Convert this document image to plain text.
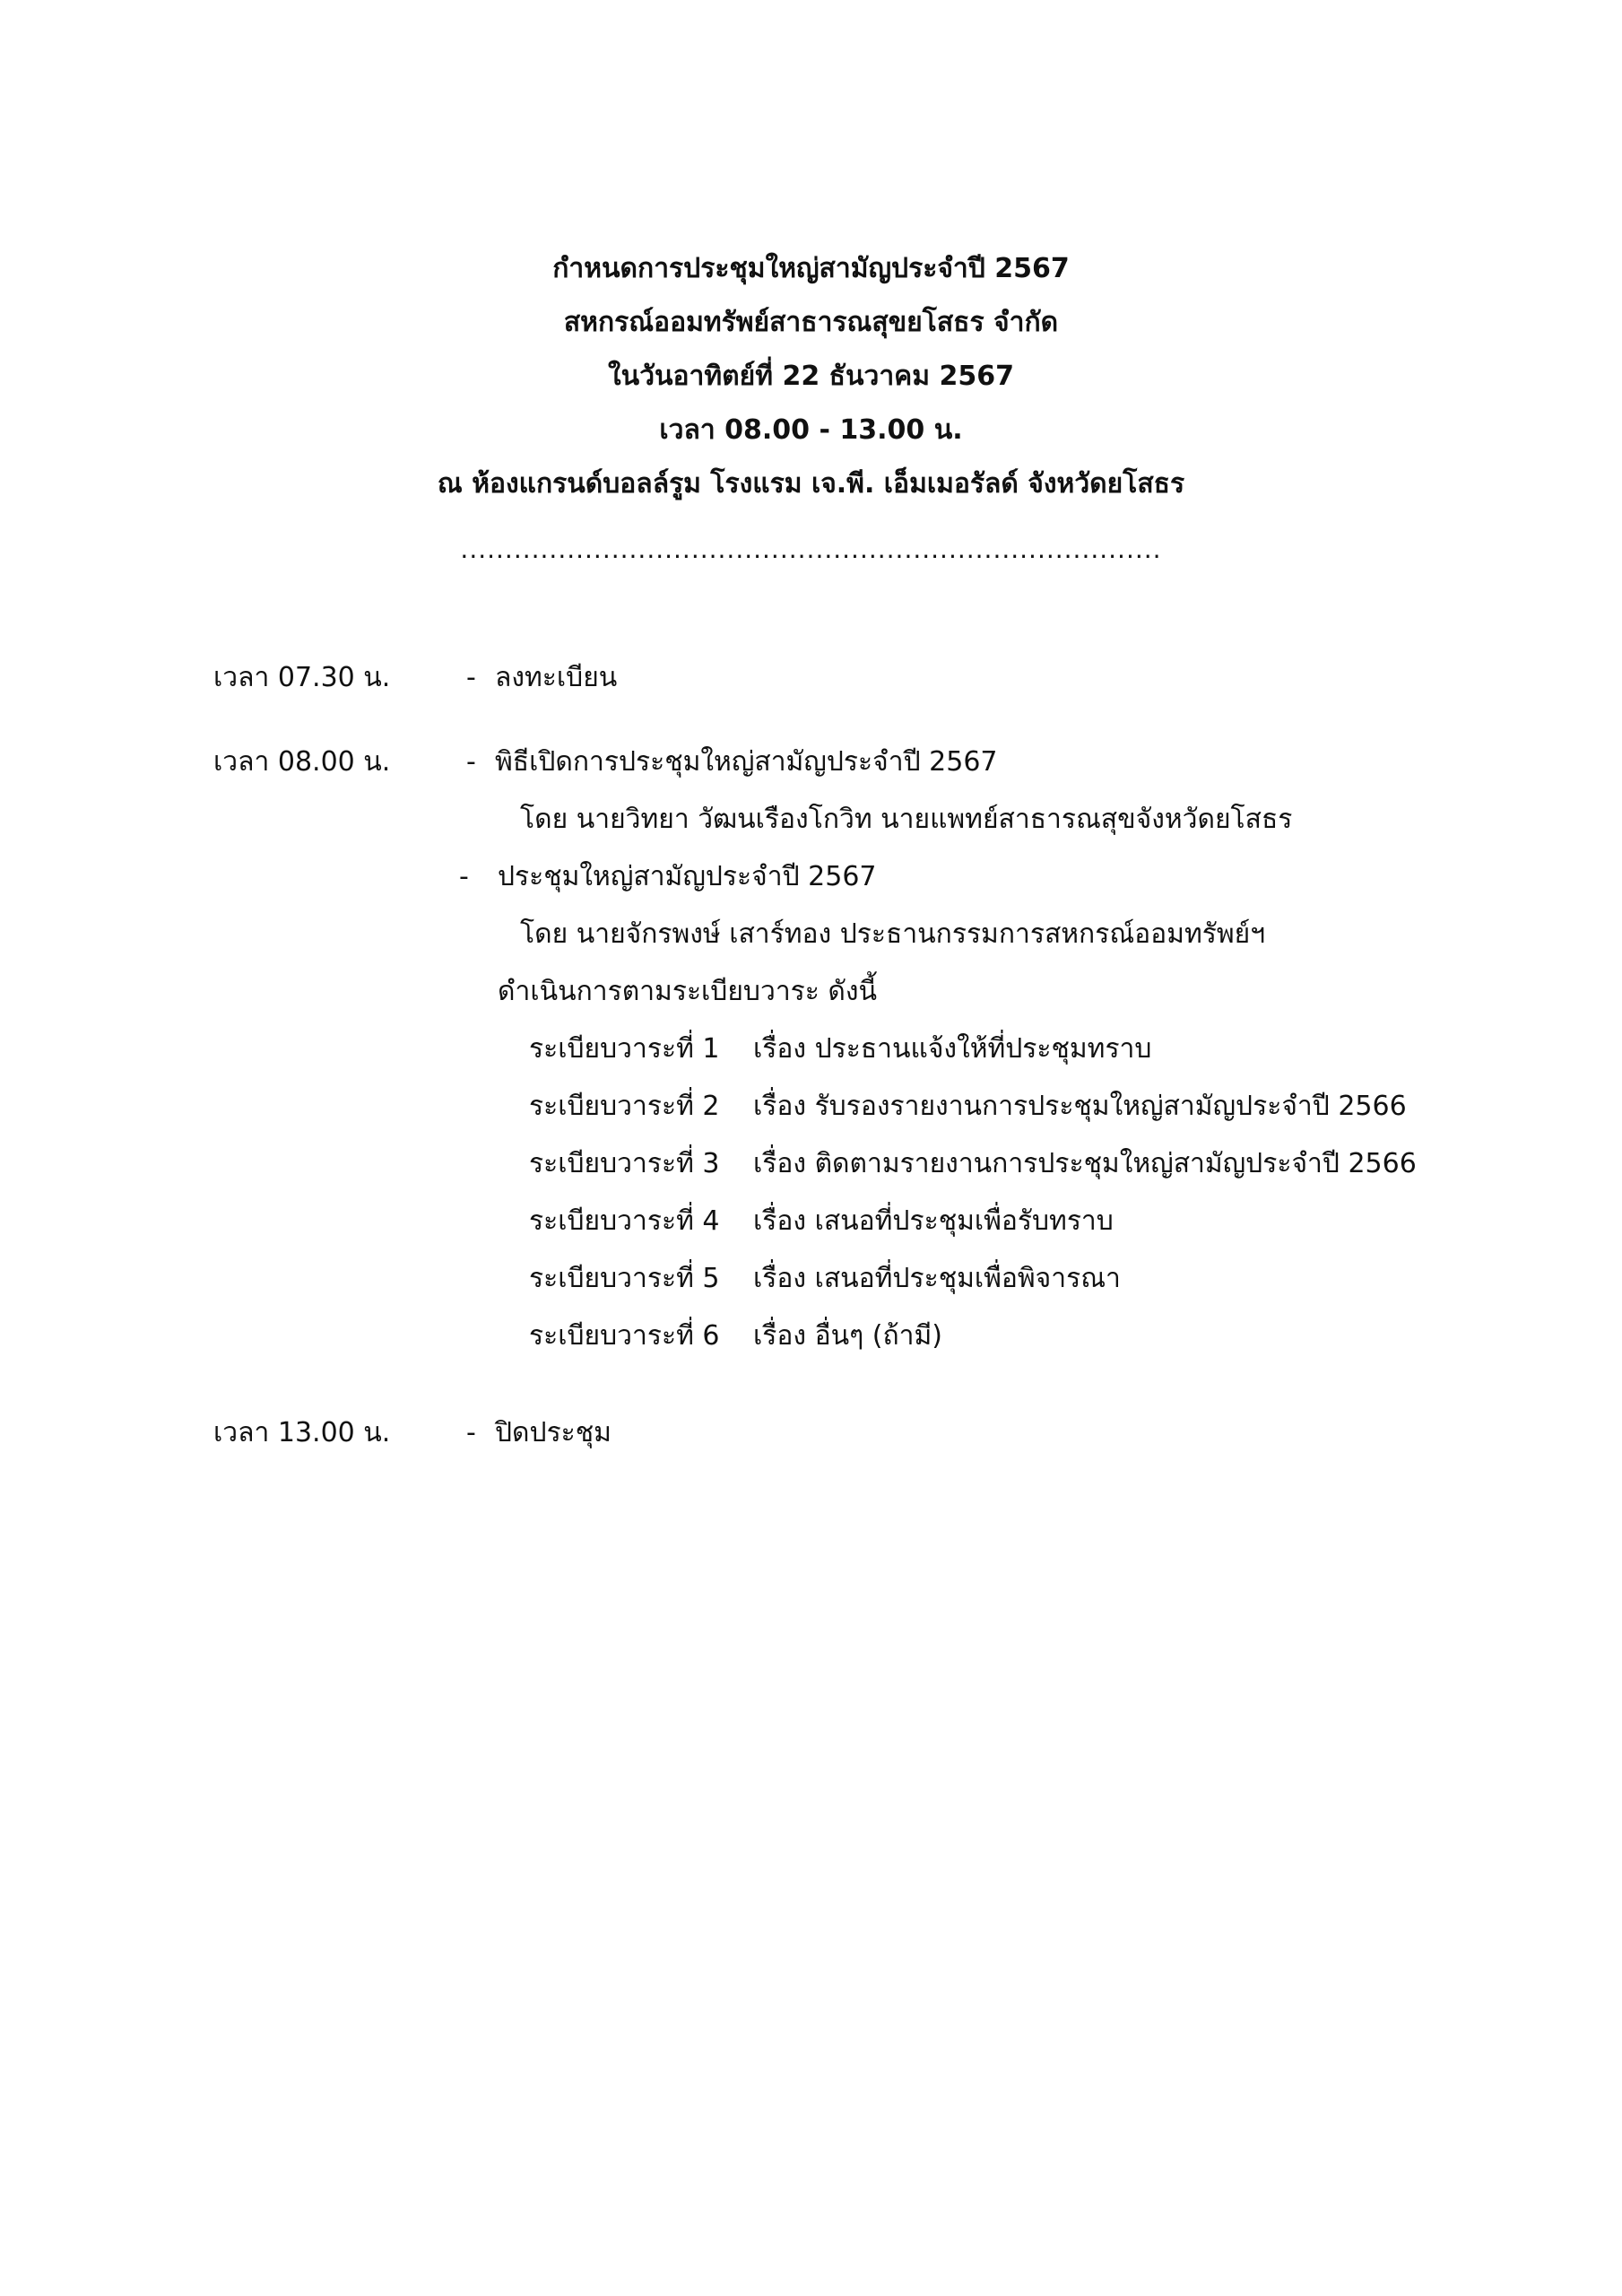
กำหนดการประชุมใหญ่สามัญประจำปี 2567
สหกรณ์ออมทรัพย์สาธารณสุขยโสธร จำกัด
ในวันอาทิตย์ที่ 22 ธันวาคม 2567
เวลา 08.00 - 13.00 น.
ณ ห้องแกรนด์บอลล์รูม โรงแรม เจ.พี. เอ็มเมอรัลด์ จังหวัดยโสธร
...............................................................................
เวลา 07.30 น.	- ลงทะเบียน
เวลา 08.00 น.	- พิธีเปิดการประชุมใหญ่สามัญประจำปี 2567
โดย นายวิทยา วัฒนเรืองโกวิท นายแพทย์สาธารณสุขจังหวัดยโสธร
- ประชุมใหญ่สามัญประจำปี 2567
โดย นายจักรพงษ์ เสาร์ทอง ประธานกรรมการสหกรณ์ออมทรัพย์ฯ
ดำเนินการตามระเบียบวาระ ดังนี้
ระเบียบวาระที่ 1 เรื่อง ประธานแจ้งให้ที่ประชุมทราบ
ระเบียบวาระที่ 2 เรื่อง รับรองรายงานการประชุมใหญ่สามัญประจำปี 2566
ระเบียบวาระที่ 3 เรื่อง ติดตามรายงานการประชุมใหญ่สามัญประจำปี 2566
ระเบียบวาระที่ 4 เรื่อง เสนอที่ประชุมเพื่อรับทราบ
ระเบียบวาระที่ 5 เรื่อง เสนอที่ประชุมเพื่อพิจารณา
ระเบียบวาระที่ 6 เรื่อง อื่นๆ (ถ้ามี)
เวลา 13.00 น.	- ปิดประชุม
